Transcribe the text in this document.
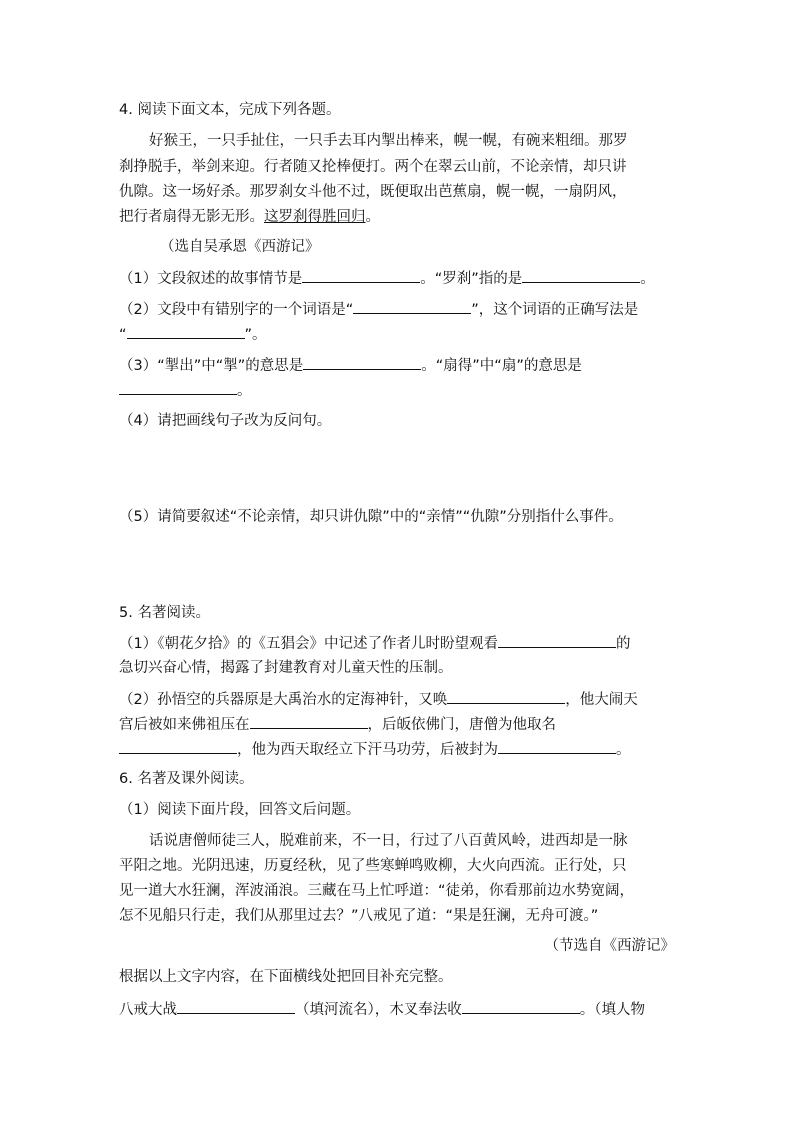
4. 阅读下面文本，完成下列各题。
好猴王，一只手扯住，一只手去耳内掣出棒来，幌一幌，有碗来粗细。那罗
刹挣脱手，举剑来迎。行者随又抡棒便打。两个在翠云山前，不论亲情，却只讲
仇隙。这一场好杀。那罗刹女斗他不过，既便取出芭蕉扇，幌一幌，一扇阴风，
把行者扇得无影无形。这罗刹得胜回归。
（选自吴承恩《西游记》
（1）文段叙述的故事情节是	。“罗刹”指的是	。
（2）文段中有错别字的一个词语是“	”，这个词语的正确写法是
“	”。
（3）“掣出”中“掣”的意思是	。“扇得”中“扇”的意思是
。
（4）请把画线句子改为反问句。
（5）请简要叙述“不论亲情，却只讲仇隙”中的“亲情”“仇隙”分别指什么事件。
5. 名著阅读。
（1）《朝花夕拾》的《五猖会》中记述了作者儿时盼望观看	的
急切兴奋心情，揭露了封建教育对儿童天性的压制。
（2）孙悟空的兵器原是大禹治水的定海神针，又唤	，他大闹天
宫后被如来佛祖压在	，后皈依佛门，唐僧为他取名
，他为西天取经立下汗马功劳，后被封为	。
6. 名著及课外阅读。
（1）阅读下面片段，回答文后问题。
话说唐僧师徒三人，脱难前来，不一日，行过了八百黄风岭，进西却是一脉
平阳之地。光阴迅速，历夏经秋，见了些寒蝉鸣败柳，大火向西流。正行处，只
见一道大水狂澜，浑波涌浪。三藏在马上忙呼道：“徒弟，你看那前边水势宽阔，
怎不见船只行走，我们从那里过去？”八戒见了道：“果是狂澜，无舟可渡。”
（节选自《西游记》
根据以上文字内容，在下面横线处把回目补充完整。
八戒大战	（填河流名），木叉奉法收	。（填人物
